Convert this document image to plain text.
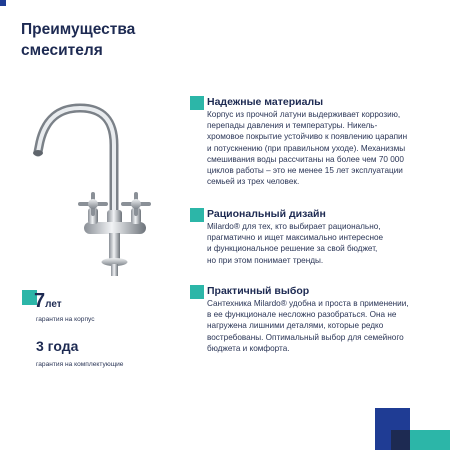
Преимущества
смесителя

Надежные материалы

Корпус из прочной латуни выдерживает коррозию,
перепады давления и температуры. Никель-
хромовое покрытие устойчиво к появлению царапин
и потускнению (при правильном уходе). Механизмы
смешивания воды рассчитаны на более чем 70 000
циклов работы – это не менее 15 лет эксплуатации
семьей из трех человек.

Рациональный дизайн

Milardo® для тех, кто выбирает рационально,
прагматично и ищет максимально интересное
и функциональное решение за свой бюджет,
но при этом понимает тренды.

Практичный выбор

Сантехника Milardo® удобна и проста в применении,
в ее функционале несложно разобраться. Она не
нагружена лишними деталями, которые редко
востребованы. Оптимальный выбор для семейного
бюджета и комфорта.

7лет
гарантия на корпус
3 года
гарантия на комплектующие
